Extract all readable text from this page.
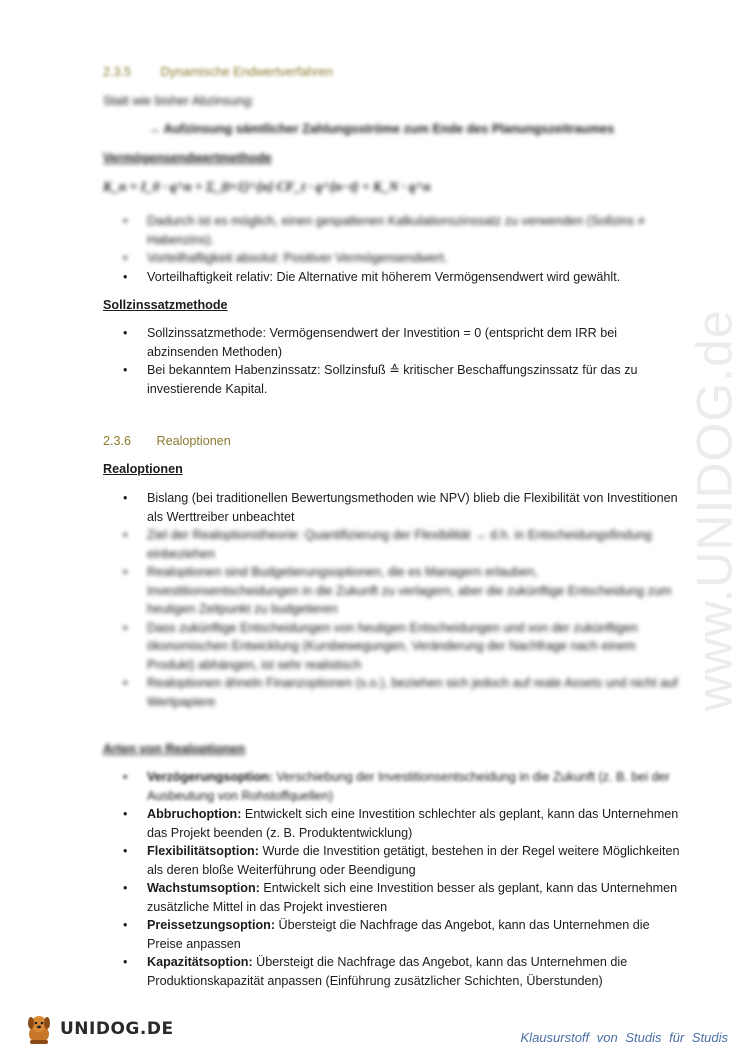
www.UNIDOG.de
2.3.5 Dynamische Endwertverfahren
Statt wie bisher Abzinsung:
→ Aufzinsung sämtlicher Zahlungsströme zum Ende des Planungszeitraumes
Vermögensendwertmethode
K_n = I_0 · q^n + Σ_{t=1}^{n} CF_t · q^{n−t} + K_N · q^n
• Dadurch ist es möglich, einen gespaltenen Kalkulationszinssatz zu verwenden (Sollzins ≠ Habenzins).
• Vorteilhaftigkeit absolut: Positiver Vermögensendwert.
• Vorteilhaftigkeit relativ: Die Alternative mit höherem Vermögensendwert wird gewählt.
Sollzinssatzmethode
• Sollzinssatzmethode: Vermögensendwert der Investition = 0 (entspricht dem IRR bei abzinsenden Methoden)
• Bei bekanntem Habenzinssatz: Sollzinsfuß ≙ kritischer Beschaffungszinssatz für das zu investierende Kapital.
2.3.6 Realoptionen
Realoptionen
• Bislang (bei traditionellen Bewertungsmethoden wie NPV) blieb die Flexibilität von Investitionen als Werttreiber unbeachtet
• Ziel der Realoptionstheorie: Quantifizierung der Flexibilität → d.h. in Entscheidungsfindung einbeziehen
• Realoptionen sind Budgetierungsoptionen, die es Managern erlauben, Investitionsentscheidungen in die Zukunft zu verlagern, aber die zukünftige Entscheidung zum heutigen Zeitpunkt zu budgetieren
• Dass zukünftige Entscheidungen von heutigen Entscheidungen und von der zukünftigen ökonomischen Entwicklung (Kursbewegungen, Veränderung der Nachfrage nach einem Produkt) abhängen, ist sehr realistisch
• Realoptionen ähneln Finanzoptionen (s.o.), beziehen sich jedoch auf reale Assets und nicht auf Wertpapiere
Arten von Realoptionen
• Verzögerungsoption: Verschiebung der Investitionsentscheidung in die Zukunft (z. B. bei der Ausbeutung von Rohstoffquellen)
• Abbruchoption: Entwickelt sich eine Investition schlechter als geplant, kann das Unternehmen das Projekt beenden (z. B. Produktentwicklung)
• Flexibilitätsoption: Wurde die Investition getätigt, bestehen in der Regel weitere Möglichkeiten als deren bloße Weiterführung oder Beendigung
• Wachstumsoption: Entwickelt sich eine Investition besser als geplant, kann das Unternehmen zusätzliche Mittel in das Projekt investieren
• Preissetzungsoption: Übersteigt die Nachfrage das Angebot, kann das Unternehmen die Preise anpassen
• Kapazitätsoption: Übersteigt die Nachfrage das Angebot, kann das Unternehmen die Produktionskapazität anpassen (Einführung zusätzlicher Schichten, Überstunden)
UNIDOG.DE	Klausurstoff von Studis für Studis
